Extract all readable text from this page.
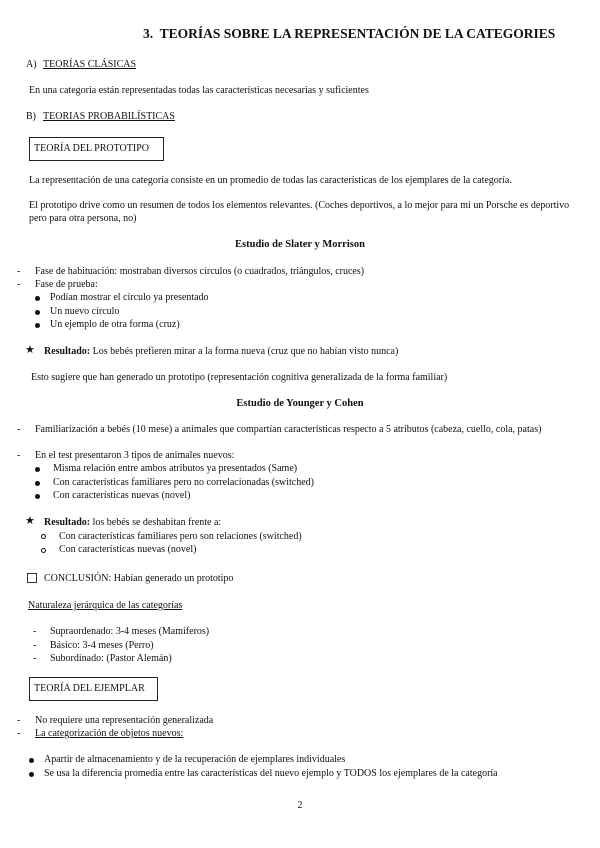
3. TEORÍAS SOBRE LA REPRESENTACIÓN DE LA CATEGORIES
A) TEORÍAS CLÁSICAS
En una categoría están representadas todas las características necesarias y suficientes
B) TEORIAS PROBABILÍSTICAS
TEORÍA DEL PROTOTIPO
La representación de una categoría consiste en un promedio de todas las características de los ejemplares de la categoría.
El prototipo drive como un resumen de todos los elementos relevantes. (Coches deportivos, a lo mejor para mi un Porsche es deportivo pero para otra persona, no)
Estudio de Slater y Morrison
- Fase de habituación: mostraban diversos círculos (o cuadrados, triángulos, cruces)
- Fase de prueba:
Podían mostrar el círculo ya presentado
Un nuevo círculo
Un ejemplo de otra forma (cruz)
★ Resultado: Los bebés prefieren mirar a la forma nueva (cruz que no habían visto nunca)
Esto sugiere que han generado un prototipo (representación cognitiva generalizada de la forma familiar)
Estudio de Younger y Cohen
- Familiarización a bebés (10 mese) a animales que compartían características respecto a 5 atributos (cabeza, cuello, cola, patas)
- En el test presentaron 3 tipos de animales nuevos:
Misma relación entre ambos atributos ya presentados (Same)
Con características familiares pero no correlacionadas (switched)
Con características nuevas (novel)
★ Resultado: los bebés se deshabitan frente a:
Con características familiares pero son relaciones (switched)
Con características nuevas (novel)
CONCLUSIÓN: Habían generado un prototipo
Naturaleza jerárquica de las categorías
- Supraordenado: 3-4 meses (Mamíferos)
- Básico: 3-4 meses (Perro)
- Subordinado: (Pastor Alemán)
TEORÍA DEL EJEMPLAR
- No requiere una representación generalizada
- La categorización de objetos nuevos:
Apartir de almacenamiento y de la recuperación de ejemplares individuales
Se usa la diferencia promedia entre las características del nuevo ejemplo y TODOS los ejemplares de la categoría
2
